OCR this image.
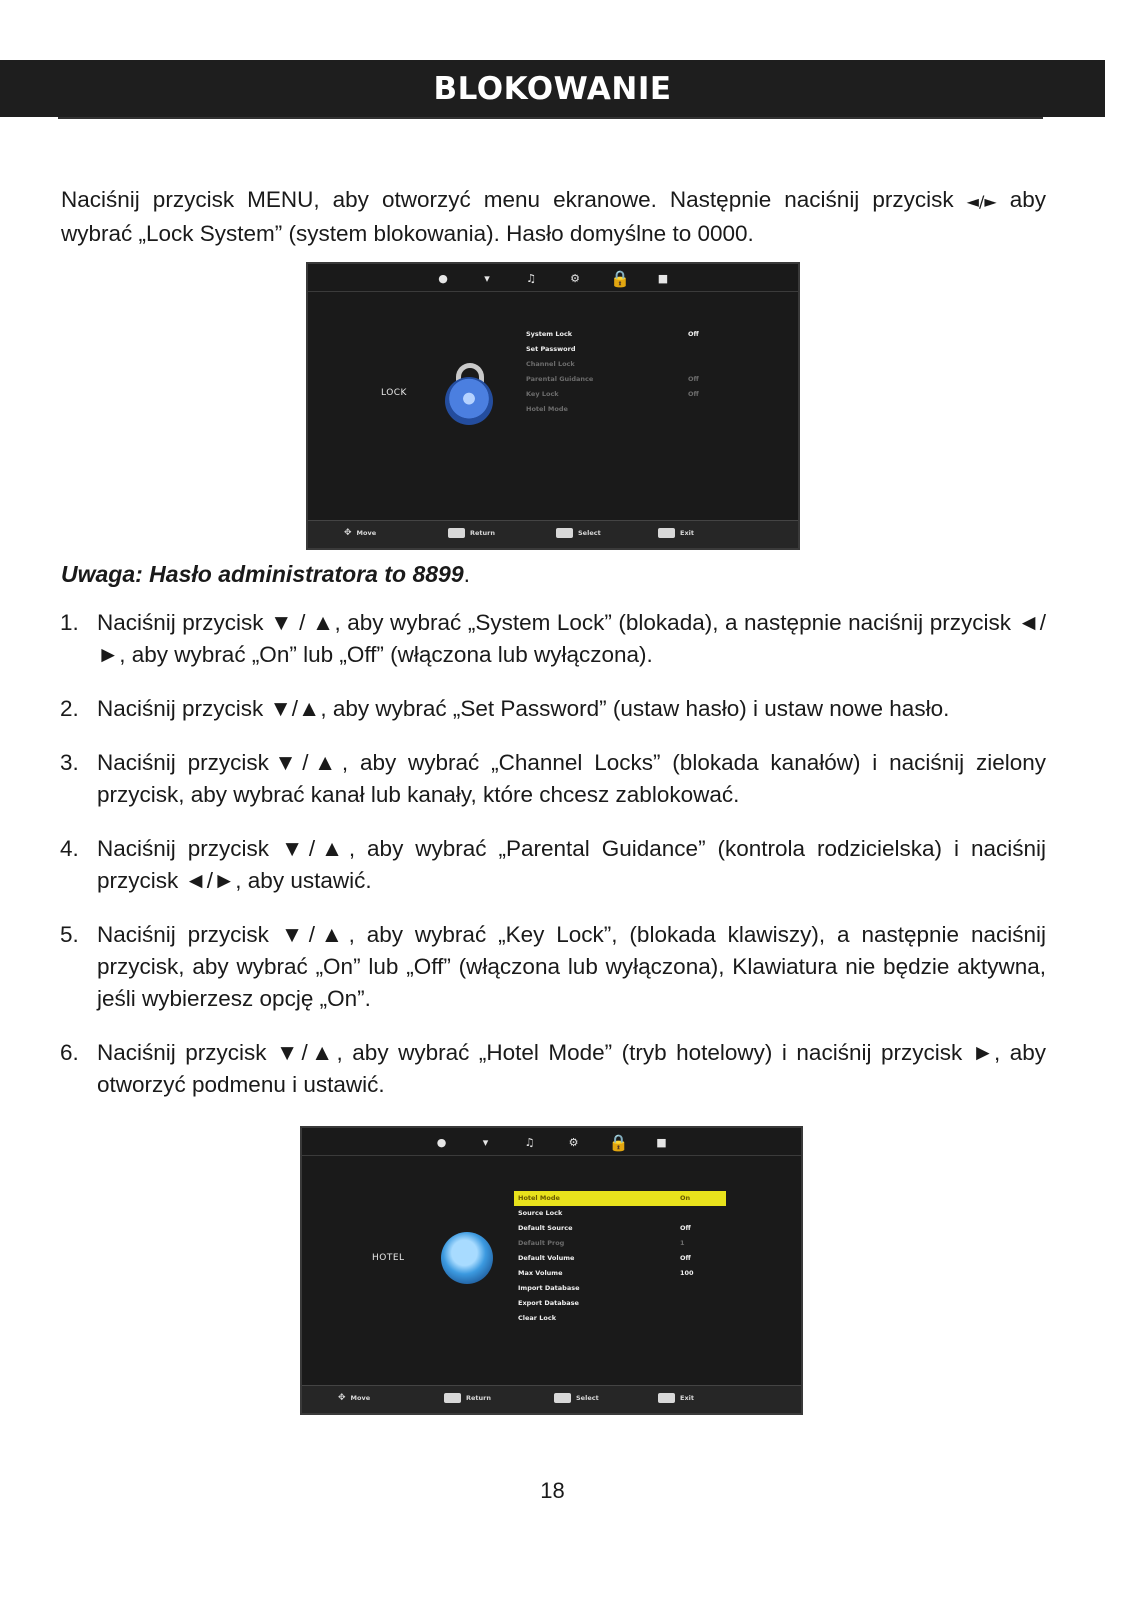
BLOKOWANIE

Naciśnij przycisk MENU, aby otworzyć menu ekranowe. Następnie naciśnij przycisk ◄/► aby wybrać „Lock System” (system blokowania). Hasło domyślne to 0000.

●	▾	♫	⚙ 🔒	■
LOCK
System Lock	Off
Set Password
Channel Lock
Parental Guidance	Off
Key Lock	Off
Hotel Mode
✥ Move	Return	Select	Exit
Uwaga: Hasło administratora to 8899.
1. Naciśnij przycisk ▼ / ▲, aby wybrać „System Lock” (blokada), a następnie naciśnij przycisk ◄/►, aby wybrać „On” lub „Off” (włączona lub wyłączona).
2. Naciśnij przycisk ▼/▲, aby wybrać „Set Password” (ustaw hasło) i ustaw nowe hasło.
3. Naciśnij przycisk▼/▲, aby wybrać „Channel Locks” (blokada kanałów) i naciśnij zielony przycisk, aby wybrać kanał lub kanały, które chcesz zablokować.
4. Naciśnij przycisk ▼/▲, aby wybrać „Parental Guidance” (kontrola rodzicielska) i naciśnij przycisk ◄/►, aby ustawić.
5. Naciśnij przycisk ▼/▲, aby wybrać „Key Lock”, (blokada klawiszy), a następnie naciśnij przycisk, aby wybrać „On” lub „Off” (włączona lub wyłączona), Klawiatura nie będzie aktywna, jeśli wybierzesz opcję „On”.
6. Naciśnij przycisk ▼/▲, aby wybrać „Hotel Mode” (tryb hotelowy) i naciśnij przycisk ►, aby otworzyć podmenu i ustawić.
●	▾	♫	⚙ 🔒	■
HOTEL
Hotel Mode	On
Source Lock
Default Source	Off
Default Prog	1
Default Volume	Off
Max Volume	100
Import Database
Export Database
Clear Lock
✥ Move	Return	Select	Exit
18
